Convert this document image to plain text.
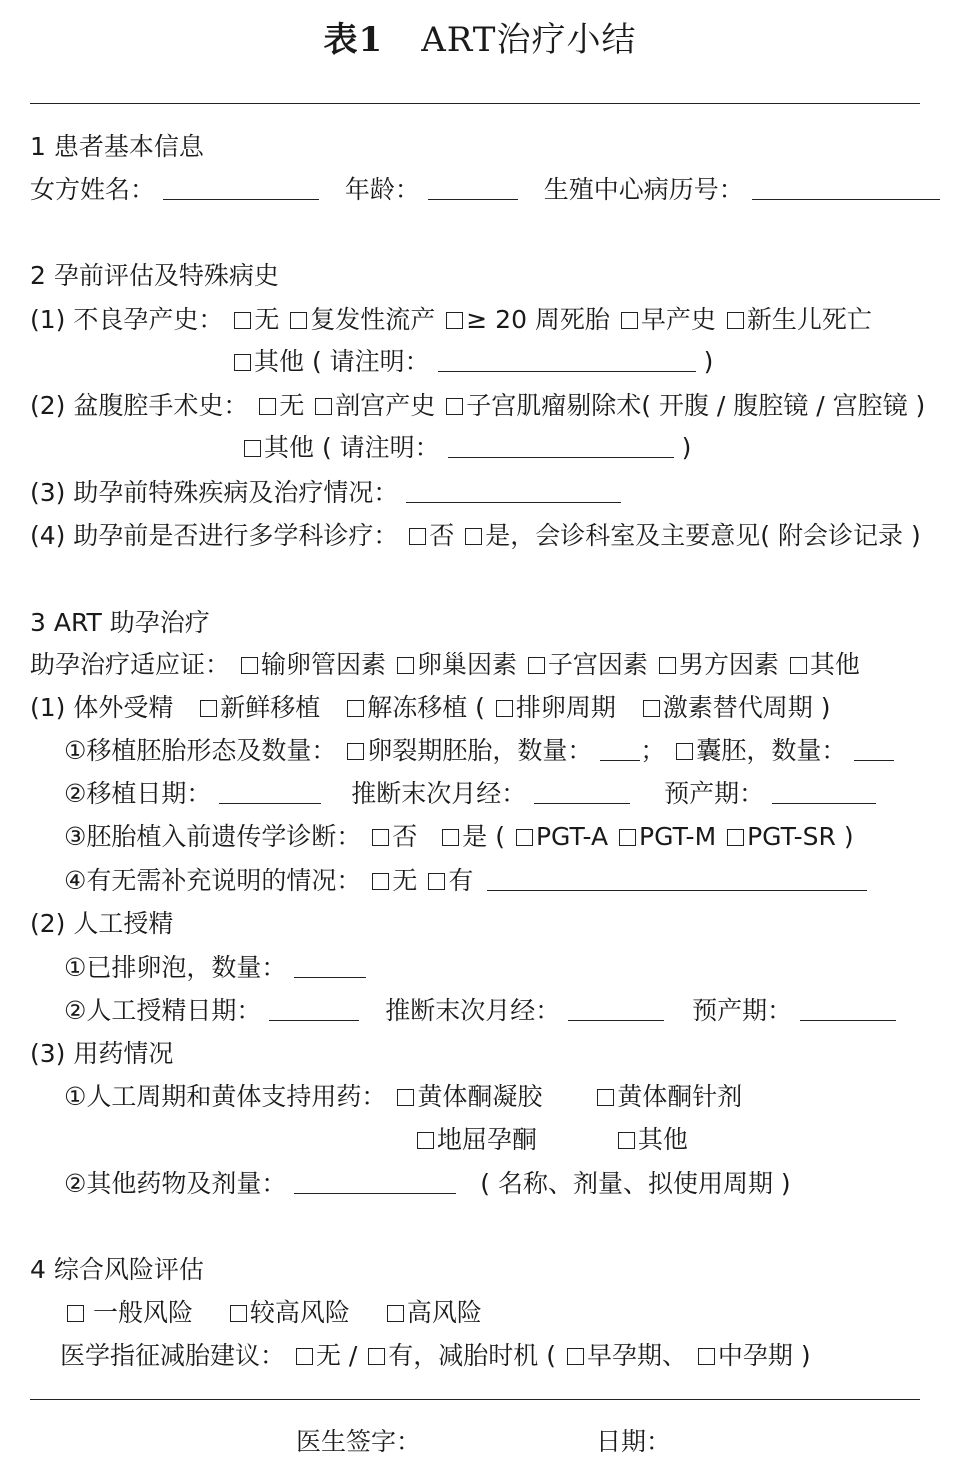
表1 ART治疗小结

1 患者基本信息

女方姓名：	年龄：	生殖中心病历号：

2 孕前评估及特殊病史

(1) 不良孕产史： 无 复发性流产 ≥ 20 周死胎 早产史 新生儿死亡

其他 ( 请注明：	)

(2) 盆腹腔手术史： 无 剖宫产史 子宫肌瘤剔除术( 开腹 / 腹腔镜 / 宫腔镜 )

其他 ( 请注明：	)

(3) 助孕前特殊疾病及治疗情况：

(4) 助孕前是否进行多学科诊疗： 否 是，会诊科室及主要意见( 附会诊记录 )

3 ART 助孕治疗

助孕治疗适应证： 输卵管因素 卵巢因素 子宫因素 男方因素 其他

(1) 体外受精 新鲜移植 解冻移植 ( 排卵周期 激素替代周期 )

①移植胚胎形态及数量： 卵裂期胚胎，数量： ； 囊胚，数量：

②移植日期：	推断末次月经：	预产期：

③胚胎植入前遗传学诊断： 否 是 ( PGT-A PGT-M PGT-SR )

④有无需补充说明的情况： 无 有

(2) 人工授精

①已排卵泡，数量：

②人工授精日期：	推断末次月经：	预产期：

(3) 用药情况

①人工周期和黄体支持用药： 黄体酮凝胶	黄体酮针剂

地屈孕酮	其他

②其他药物及剂量：	( 名称、剂量、拟使用周期 )

4 综合风险评估

一般风险 较高风险 高风险

医学指征减胎建议： 无 / 有，减胎时机 ( 早孕期、 中孕期 )

医生签字：	日期：
